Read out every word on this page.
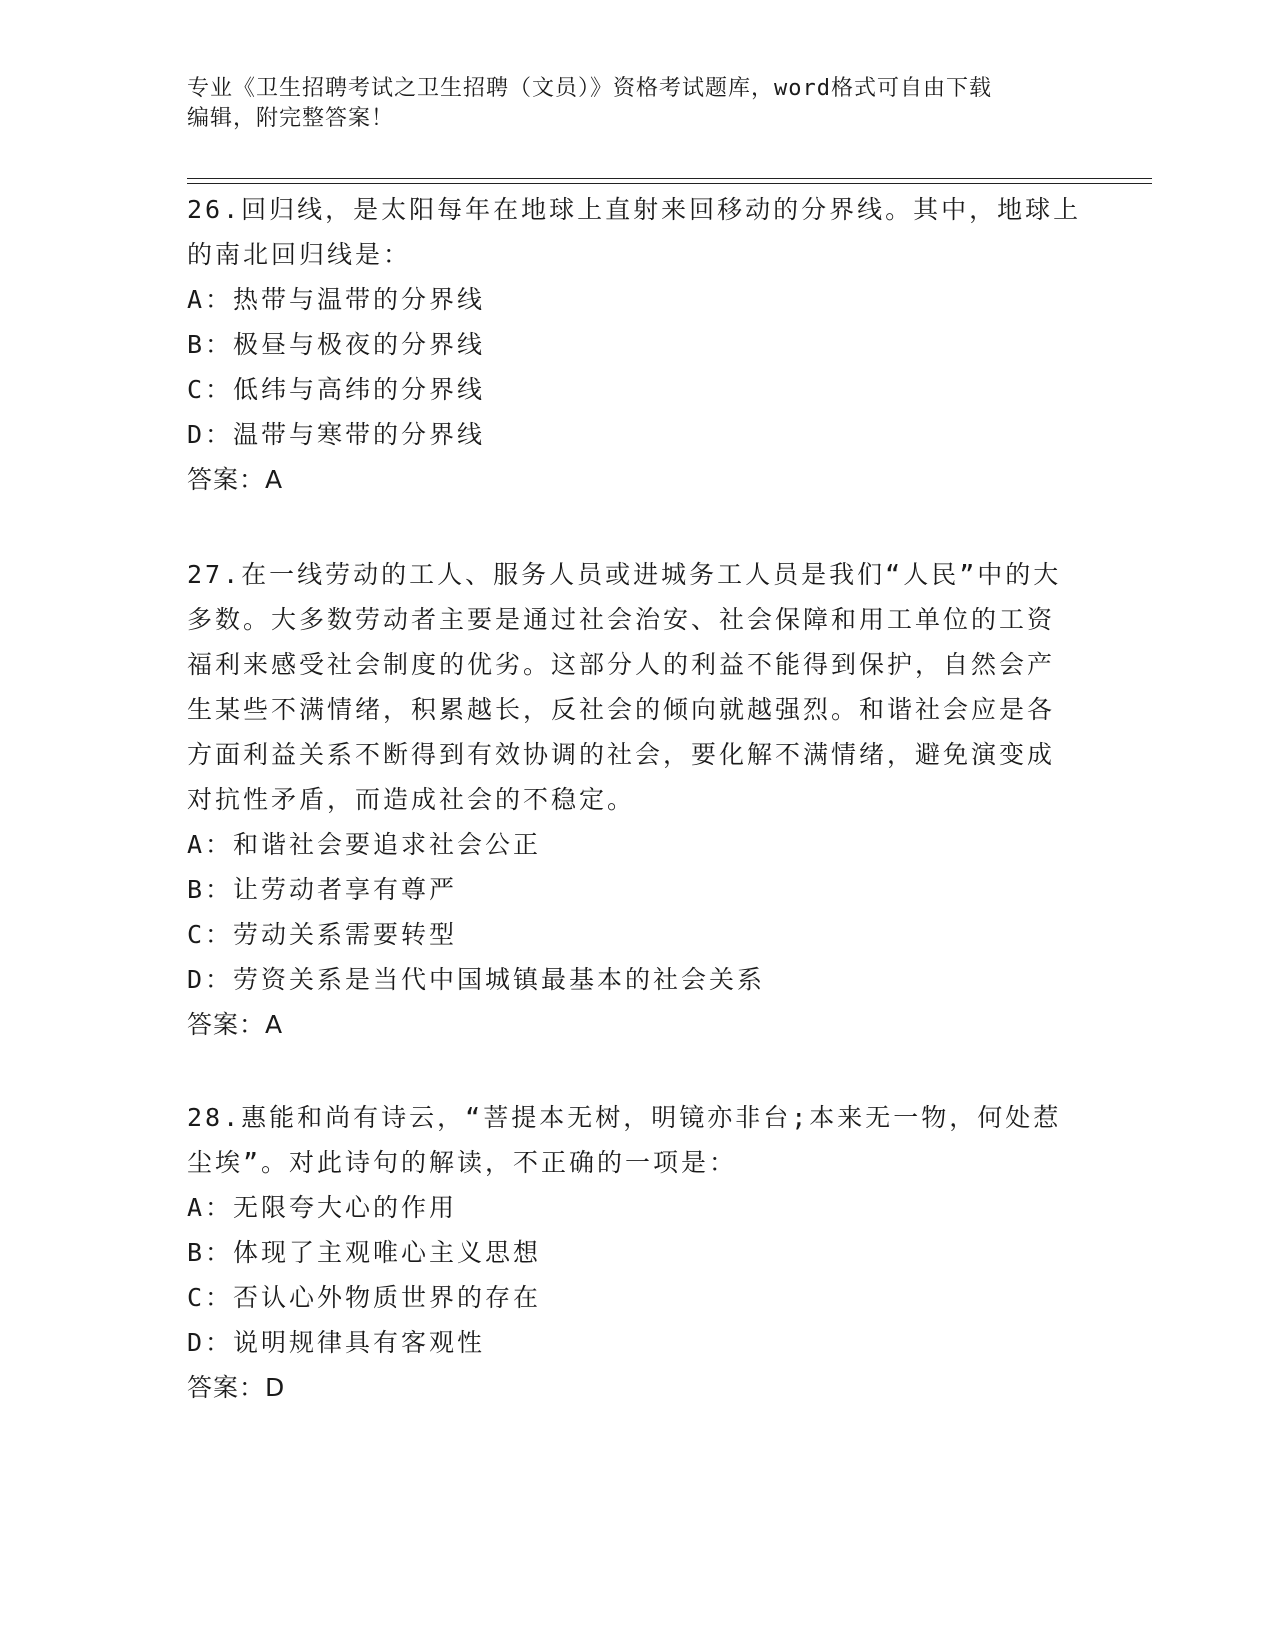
专业《卫生招聘考试之卫生招聘（文员）》资格考试题库，word格式可自由下载
编辑，附完整答案！

26.回归线，是太阳每年在地球上直射来回移动的分界线。其中，地球上的南北回归线是：

A：热带与温带的分界线

B：极昼与极夜的分界线

C：低纬与高纬的分界线

D：温带与寒带的分界线

答案：A

27.在一线劳动的工人、服务人员或进城务工人员是我们“人民”中的大多数。大多数劳动者主要是通过社会治安、社会保障和用工单位的工资福利来感受社会制度的优劣。这部分人的利益不能得到保护，自然会产生某些不满情绪，积累越长，反社会的倾向就越强烈。和谐社会应是各方面利益关系不断得到有效协调的社会，要化解不满情绪，避免演变成对抗性矛盾，而造成社会的不稳定。

A：和谐社会要追求社会公正

B：让劳动者享有尊严

C：劳动关系需要转型

D：劳资关系是当代中国城镇最基本的社会关系

答案：A

28.惠能和尚有诗云，“菩提本无树，明镜亦非台;本来无一物，何处惹尘埃”。对此诗句的解读，不正确的一项是：

A：无限夸大心的作用

B：体现了主观唯心主义思想

C：否认心外物质世界的存在

D：说明规律具有客观性

答案：D
